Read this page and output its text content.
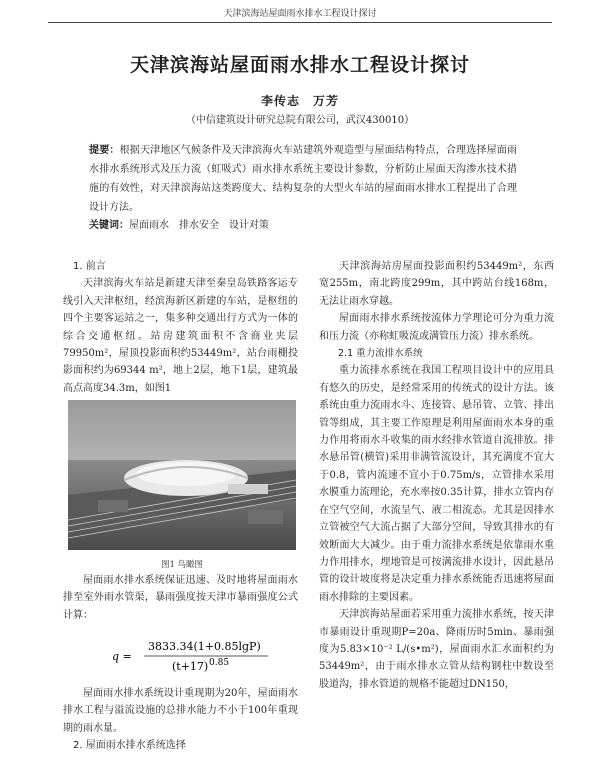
天津滨海站屋面雨水排水工程设计探讨
天津滨海站屋面雨水排水工程设计探讨
李传志　万芳
（中信建筑设计研究总院有限公司，武汉430010）
提要：根据天津地区气候条件及天津滨海火车站建筑外观造型与屋面结构特点，合理选择屋面雨水排水系统形式及压力流（虹吸式）雨水排水系统主要设计参数，分析防止屋面天沟渗水技术措施的有效性，对天津滨海站这类跨度大、结构复杂的大型火车站的屋面雨水排水工程提出了合理设计方法。
关键词：屋面雨水　排水安全　设计对策

1. 前言

天津滨海火车站是新建天津至秦皇岛铁路客运专线引入天津枢纽，经滨海新区新建的车站，是枢纽的四个主要客运站之一，集多种交通出行方式为一体的综合交通枢纽。站房建筑面积不含商业夹层79950m²，屋顶投影面积约53449m²，站台雨棚投影面积约为69344 m²，地上2层，地下1层，建筑最高点高度34.3m，如图1

图1 鸟瞰图

屋面雨水排水系统保证迅速、及时地将屋面雨水排至室外雨水管渠，暴雨强度按天津市暴雨强度公式计算：

q =
3833.34(1+0.85lgP)
(t+17) 0.85

屋面雨水排水系统设计重现期为20年，屋面雨水排水工程与溢流设施的总排水能力不小于100年重现期的雨水量。

2. 屋面雨水排水系统选择

天津滨海站房屋面投影面积约53449m²，东西宽255m，南北跨度299m，其中跨站台线168m，无法让雨水穿越。

屋面雨水排水系统按流体力学理论可分为重力流和压力流（亦称虹吸流或满管压力流）排水系统。

2.1 重力流排水系统

重力流排水系统在我国工程项目设计中的应用具有悠久的历史，是经常采用的传统式的设计方法。该系统由重力流雨水斗、连接管、悬吊管、立管、排出管等组成，其主要工作原理是利用屋面雨水本身的重力作用将雨水斗收集的雨水经排水管道自流排放。排水悬吊管(横管)采用非满管流设计，其充满度不宜大于0.8，管内流速不宜小于0.75m/s，立管排水采用水膜重力流理论，充水率按0.35计算，排水立管内存在空气空间，水流呈气、液二相流态。尤其是因排水立管被空气大流占据了大部分空间，导致其排水的有效断面大大减少。由于重力流排水系统是依靠雨水重力作用排水，埋地管是可按满流排水设计，因此悬吊管的设计坡度将是决定重力排水系统能否迅速将屋面雨水排除的主要因素。

天津滨海站屋面若采用重力流排水系统，按天津市暴雨设计重现期P=20a、降雨历时5min、暴雨强度为5.83×10⁻² L/(s•m²)，屋面雨水汇水面积约为53449m²，由于雨水排水立管从结构钢柱中数设至股道沟，排水管道的规格不能超过DN150，
